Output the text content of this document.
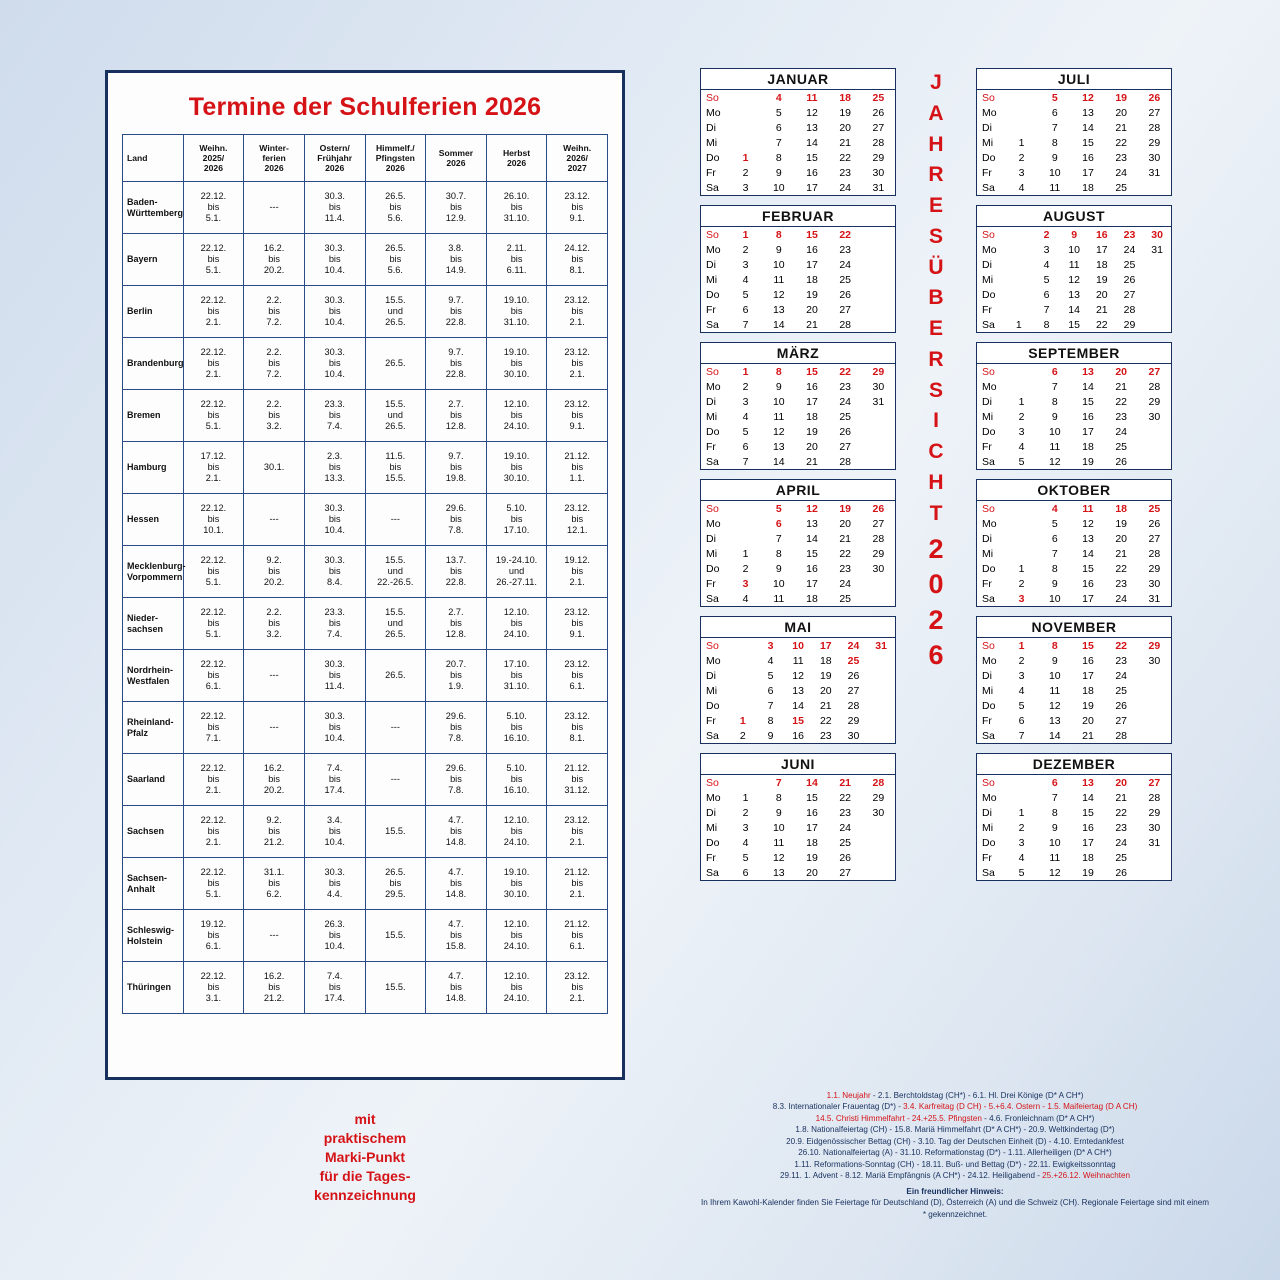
Termine der Schulferien 2026
Land	Weihn.
2025/
2026	Winter-
ferien
2026	Ostern/
Frühjahr
2026	Himmelf./
Pfingsten
2026	Sommer
2026	Herbst
2026	Weihn.
2026/
2027
Baden-
Württemberg	22.12.
bis
5.1.	---	30.3.
bis
11.4.	26.5.
bis
5.6.	30.7.
bis
12.9.	26.10.
bis
31.10.	23.12.
bis
9.1.
Bayern	22.12.
bis
5.1.	16.2.
bis
20.2.	30.3.
bis
10.4.	26.5.
bis
5.6.	3.8.
bis
14.9.	2.11.
bis
6.11.	24.12.
bis
8.1.
Berlin	22.12.
bis
2.1.	2.2.
bis
7.2.	30.3.
bis
10.4.	15.5.
und
26.5.	9.7.
bis
22.8.	19.10.
bis
31.10.	23.12.
bis
2.1.
Brandenburg	22.12.
bis
2.1.	2.2.
bis
7.2.	30.3.
bis
10.4.	26.5.	9.7.
bis
22.8.	19.10.
bis
30.10.	23.12.
bis
2.1.
Bremen	22.12.
bis
5.1.	2.2.
bis
3.2.	23.3.
bis
7.4.	15.5.
und
26.5.	2.7.
bis
12.8.	12.10.
bis
24.10.	23.12.
bis
9.1.
Hamburg	17.12.
bis
2.1.	30.1.	2.3.
bis
13.3.	11.5.
bis
15.5.	9.7.
bis
19.8.	19.10.
bis
30.10.	21.12.
bis
1.1.
Hessen	22.12.
bis
10.1.	---	30.3.
bis
10.4.	---	29.6.
bis
7.8.	5.10.
bis
17.10.	23.12.
bis
12.1.
Mecklenburg-
Vorpommern	22.12.
bis
5.1.	9.2.
bis
20.2.	30.3.
bis
8.4.	15.5.
und
22.-26.5.	13.7.
bis
22.8.	19.-24.10.
und
26.-27.11.	19.12.
bis
2.1.
Nieder-
sachsen	22.12.
bis
5.1.	2.2.
bis
3.2.	23.3.
bis
7.4.	15.5.
und
26.5.	2.7.
bis
12.8.	12.10.
bis
24.10.	23.12.
bis
9.1.
Nordrhein-
Westfalen	22.12.
bis
6.1.	---	30.3.
bis
11.4.	26.5.	20.7.
bis
1.9.	17.10.
bis
31.10.	23.12.
bis
6.1.
Rheinland-
Pfalz	22.12.
bis
7.1.	---	30.3.
bis
10.4.	---	29.6.
bis
7.8.	5.10.
bis
16.10.	23.12.
bis
8.1.
Saarland	22.12.
bis
2.1.	16.2.
bis
20.2.	7.4.
bis
17.4.	---	29.6.
bis
7.8.	5.10.
bis
16.10.	21.12.
bis
31.12.
Sachsen	22.12.
bis
2.1.	9.2.
bis
21.2.	3.4.
bis
10.4.	15.5.	4.7.
bis
14.8.	12.10.
bis
24.10.	23.12.
bis
2.1.
Sachsen-
Anhalt	22.12.
bis
5.1.	31.1.
bis
6.2.	30.3.
bis
4.4.	26.5.
bis
29.5.	4.7.
bis
14.8.	19.10.
bis
30.10.	21.12.
bis
2.1.
Schleswig-
Holstein	19.12.
bis
6.1.	---	26.3.
bis
10.4.	15.5.	4.7.
bis
15.8.	12.10.
bis
24.10.	21.12.
bis
6.1.
Thüringen	22.12.
bis
3.1.	16.2.
bis
21.2.	7.4.
bis
17.4.	15.5.	4.7.
bis
14.8.	12.10.
bis
24.10.	23.12.
bis
2.1.
mit
praktischem
Marki-Punkt
für die Tages-
kennzeichnung
JANUAR
So		4	11	18	25
Mo		5	12	19	26
Di		6	13	20	27
Mi		7	14	21	28
Do	1	8	15	22	29
Fr	2	9	16	23	30
Sa	3	10	17	24	31
FEBRUAR
So	1	8	15	22	
Mo	2	9	16	23	
Di	3	10	17	24	
Mi	4	11	18	25	
Do	5	12	19	26	
Fr	6	13	20	27	
Sa	7	14	21	28	
MÄRZ
So	1	8	15	22	29
Mo	2	9	16	23	30
Di	3	10	17	24	31
Mi	4	11	18	25	
Do	5	12	19	26	
Fr	6	13	20	27	
Sa	7	14	21	28	
APRIL
So		5	12	19	26
Mo		6	13	20	27
Di		7	14	21	28
Mi	1	8	15	22	29
Do	2	9	16	23	30
Fr	3	10	17	24	
Sa	4	11	18	25	
MAI
So		3	10	17	24	31
Mo		4	11	18	25	
Di		5	12	19	26	
Mi		6	13	20	27	
Do		7	14	21	28	
Fr	1	8	15	22	29	
Sa	2	9	16	23	30	
JUNI
So		7	14	21	28
Mo	1	8	15	22	29
Di	2	9	16	23	30
Mi	3	10	17	24	
Do	4	11	18	25	
Fr	5	12	19	26	
Sa	6	13	20	27	
J
A
H
R
E
S
Ü
B
E
R
S
I
C
H
T
2
0
2
6
JULI
So		5	12	19	26
Mo		6	13	20	27
Di		7	14	21	28
Mi	1	8	15	22	29
Do	2	9	16	23	30
Fr	3	10	17	24	31
Sa	4	11	18	25	
AUGUST
So		2	9	16	23	30
Mo		3	10	17	24	31
Di		4	11	18	25	
Mi		5	12	19	26	
Do		6	13	20	27	
Fr		7	14	21	28	
Sa	1	8	15	22	29	
SEPTEMBER
So		6	13	20	27
Mo		7	14	21	28
Di	1	8	15	22	29
Mi	2	9	16	23	30
Do	3	10	17	24	
Fr	4	11	18	25	
Sa	5	12	19	26	
OKTOBER
So		4	11	18	25
Mo		5	12	19	26
Di		6	13	20	27
Mi		7	14	21	28
Do	1	8	15	22	29
Fr	2	9	16	23	30
Sa	3	10	17	24	31
NOVEMBER
So	1	8	15	22	29
Mo	2	9	16	23	30
Di	3	10	17	24	
Mi	4	11	18	25	
Do	5	12	19	26	
Fr	6	13	20	27	
Sa	7	14	21	28	
DEZEMBER
So		6	13	20	27
Mo		7	14	21	28
Di	1	8	15	22	29
Mi	2	9	16	23	30
Do	3	10	17	24	31
Fr	4	11	18	25	
Sa	5	12	19	26	
1.1. Neujahr - 2.1. Berchtoldstag (CH*) - 6.1. Hl. Drei Könige (D* A CH*)
8.3. Internationaler Frauentag (D*) - 3.4. Karfreitag (D CH) - 5.+6.4. Ostern - 1.5. Maifeiertag (D A CH)
14.5. Christi Himmelfahrt - 24.+25.5. Pfingsten - 4.6. Fronleichnam (D* A CH*)
1.8. Nationalfeiertag (CH) - 15.8. Mariä Himmelfahrt (D* A CH*) - 20.9. Weltkindertag (D*)
20.9. Eidgenössischer Bettag (CH) - 3.10. Tag der Deutschen Einheit (D) - 4.10. Erntedankfest
26.10. Nationalfeiertag (A) - 31.10. Reformationstag (D*) - 1.11. Allerheiligen (D* A CH*)
1.11. Reformations-Sonntag (CH) - 18.11. Buß- und Bettag (D*) - 22.11. Ewigkeitssonntag
29.11. 1. Advent - 8.12. Mariä Empfängnis (A CH*) - 24.12. Heiligabend - 25.+26.12. Weihnachten
Ein freundlicher Hinweis:
In Ihrem Kawohl-Kalender finden Sie Feiertage für Deutschland (D), Österreich (A) und die Schweiz (CH). Regionale Feiertage sind mit einem * gekennzeichnet.
